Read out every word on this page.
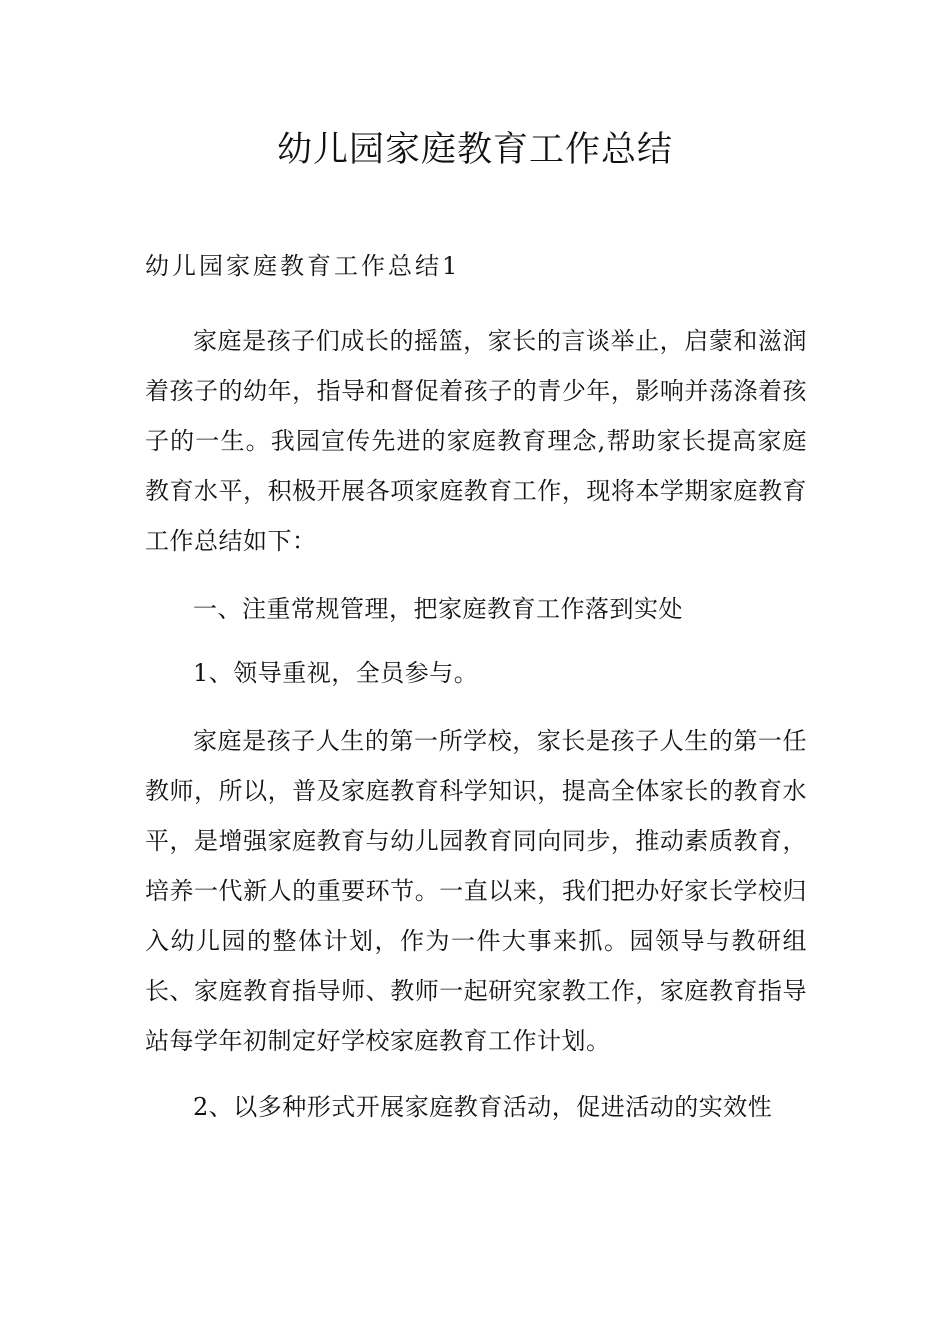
幼儿园家庭教育工作总结
幼儿园家庭教育工作总结1

家庭是孩子们成长的摇篮，家长的言谈举止，启蒙和滋润着孩子的幼年，指导和督促着孩子的青少年，影响并荡涤着孩子的一生。我园宣传先进的家庭教育理念,帮助家长提高家庭教育水平，积极开展各项家庭教育工作，现将本学期家庭教育工作总结如下：

一、注重常规管理，把家庭教育工作落到实处

1、领导重视，全员参与。

家庭是孩子人生的第一所学校，家长是孩子人生的第一任教师，所以，普及家庭教育科学知识，提高全体家长的教育水平，是增强家庭教育与幼儿园教育同向同步，推动素质教育，培养一代新人的重要环节。一直以来，我们把办好家长学校归入幼儿园的整体计划，作为一件大事来抓。园领导与教研组长、家庭教育指导师、教师一起研究家教工作，家庭教育指导站每学年初制定好学校家庭教育工作计划。

2、以多种形式开展家庭教育活动，促进活动的实效性
